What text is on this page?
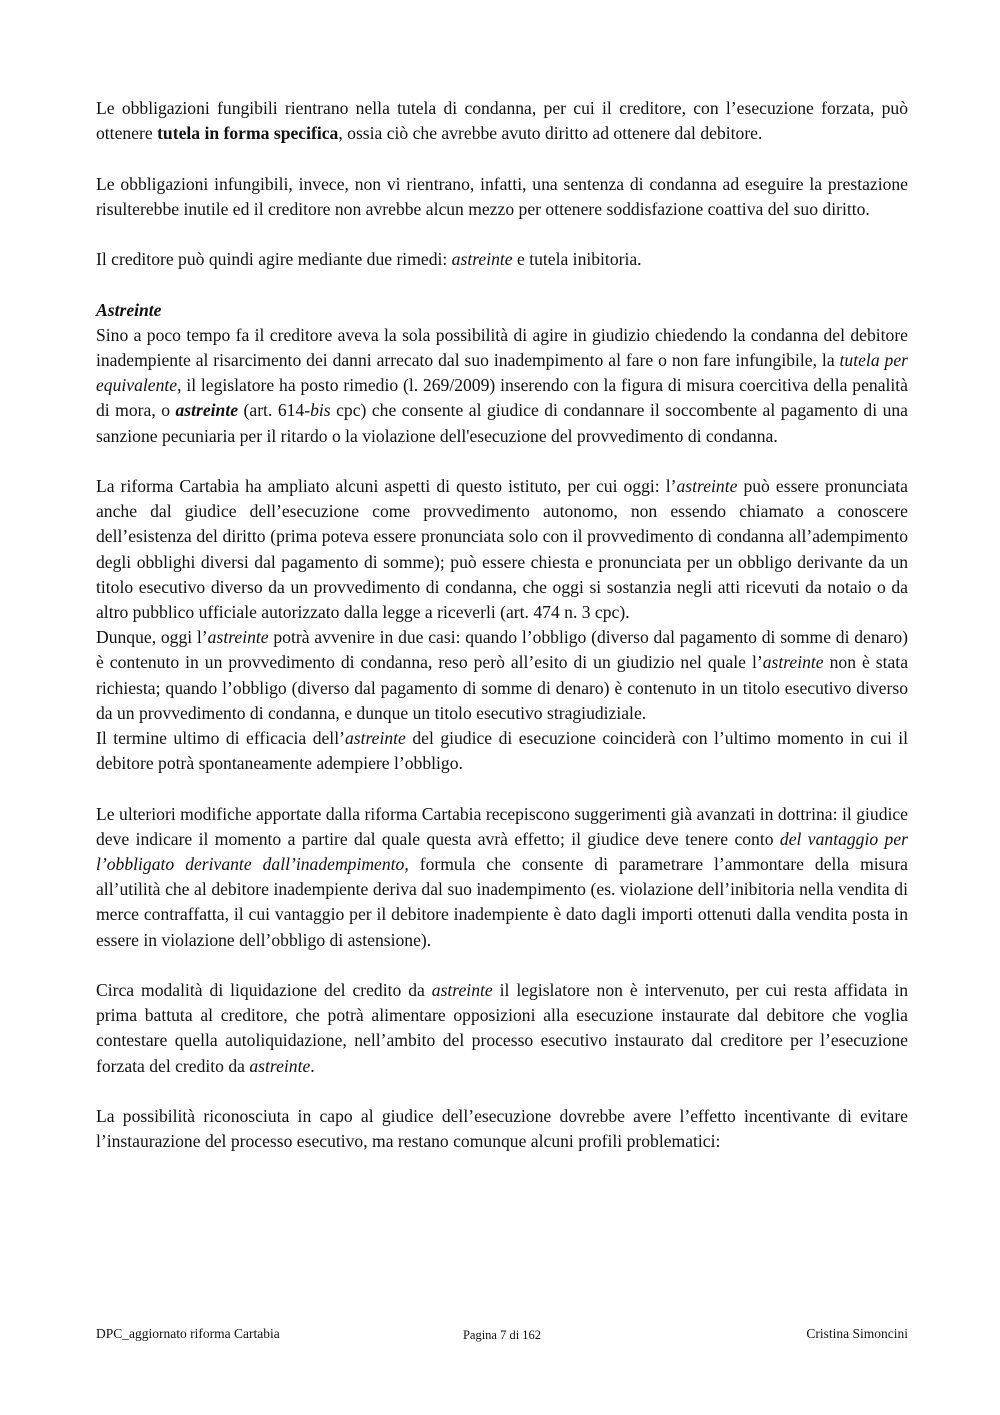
Le obbligazioni fungibili rientrano nella tutela di condanna, per cui il creditore, con l’esecuzione forzata, può ottenere tutela in forma specifica, ossia ciò che avrebbe avuto diritto ad ottenere dal debitore.

Le obbligazioni infungibili, invece, non vi rientrano, infatti, una sentenza di condanna ad eseguire la prestazione risulterebbe inutile ed il creditore non avrebbe alcun mezzo per ottenere soddisfazione coattiva del suo diritto.

Il creditore può quindi agire mediante due rimedi: astreinte e tutela inibitoria.

Astreinte

Sino a poco tempo fa il creditore aveva la sola possibilità di agire in giudizio chiedendo la condanna del debitore inadempiente al risarcimento dei danni arrecato dal suo inadempimento al fare o non fare infungibile, la tutela per equivalente, il legislatore ha posto rimedio (l. 269/2009) inserendo con la figura di misura coercitiva della penalità di mora, o astreinte (art. 614-bis cpc) che consente al giudice di condannare il soccombente al pagamento di una sanzione pecuniaria per il ritardo o la violazione dell'esecuzione del provvedimento di condanna.

La riforma Cartabia ha ampliato alcuni aspetti di questo istituto, per cui oggi: l’astreinte può essere pronunciata anche dal giudice dell’esecuzione come provvedimento autonomo, non essendo chiamato a conoscere dell’esistenza del diritto (prima poteva essere pronunciata solo con il provvedimento di condanna all’adempimento degli obblighi diversi dal pagamento di somme); può essere chiesta e pronunciata per un obbligo derivante da un titolo esecutivo diverso da un provvedimento di condanna, che oggi si sostanzia negli atti ricevuti da notaio o da altro pubblico ufficiale autorizzato dalla legge a riceverli (art. 474 n. 3 cpc).

Dunque, oggi l’astreinte potrà avvenire in due casi: quando l’obbligo (diverso dal pagamento di somme di denaro) è contenuto in un provvedimento di condanna, reso però all’esito di un giudizio nel quale l’astreinte non è stata richiesta; quando l’obbligo (diverso dal pagamento di somme di denaro) è contenuto in un titolo esecutivo diverso da un provvedimento di condanna, e dunque un titolo esecutivo stragiudiziale.

Il termine ultimo di efficacia dell’astreinte del giudice di esecuzione coinciderà con l’ultimo momento in cui il debitore potrà spontaneamente adempiere l’obbligo.

Le ulteriori modifiche apportate dalla riforma Cartabia recepiscono suggerimenti già avanzati in dottrina: il giudice deve indicare il momento a partire dal quale questa avrà effetto; il giudice deve tenere conto del vantaggio per l’obbligato derivante dall’inadempimento, formula che consente di parametrare l’ammontare della misura all’utilità che al debitore inadempiente deriva dal suo inadempimento (es. violazione dell’inibitoria nella vendita di merce contraffatta, il cui vantaggio per il debitore inadempiente è dato dagli importi ottenuti dalla vendita posta in essere in violazione dell’obbligo di astensione).

Circa modalità di liquidazione del credito da astreinte il legislatore non è intervenuto, per cui resta affidata in prima battuta al creditore, che potrà alimentare opposizioni alla esecuzione instaurate dal debitore che voglia contestare quella autoliquidazione, nell’ambito del processo esecutivo instaurato dal creditore per l’esecuzione forzata del credito da astreinte.

La possibilità riconosciuta in capo al giudice dell’esecuzione dovrebbe avere l’effetto incentivante di evitare l’instaurazione del processo esecutivo, ma restano comunque alcuni profili problematici:

DPC_aggiornato riforma Cartabia	Pagina 7 di 162	Cristina Simoncini
